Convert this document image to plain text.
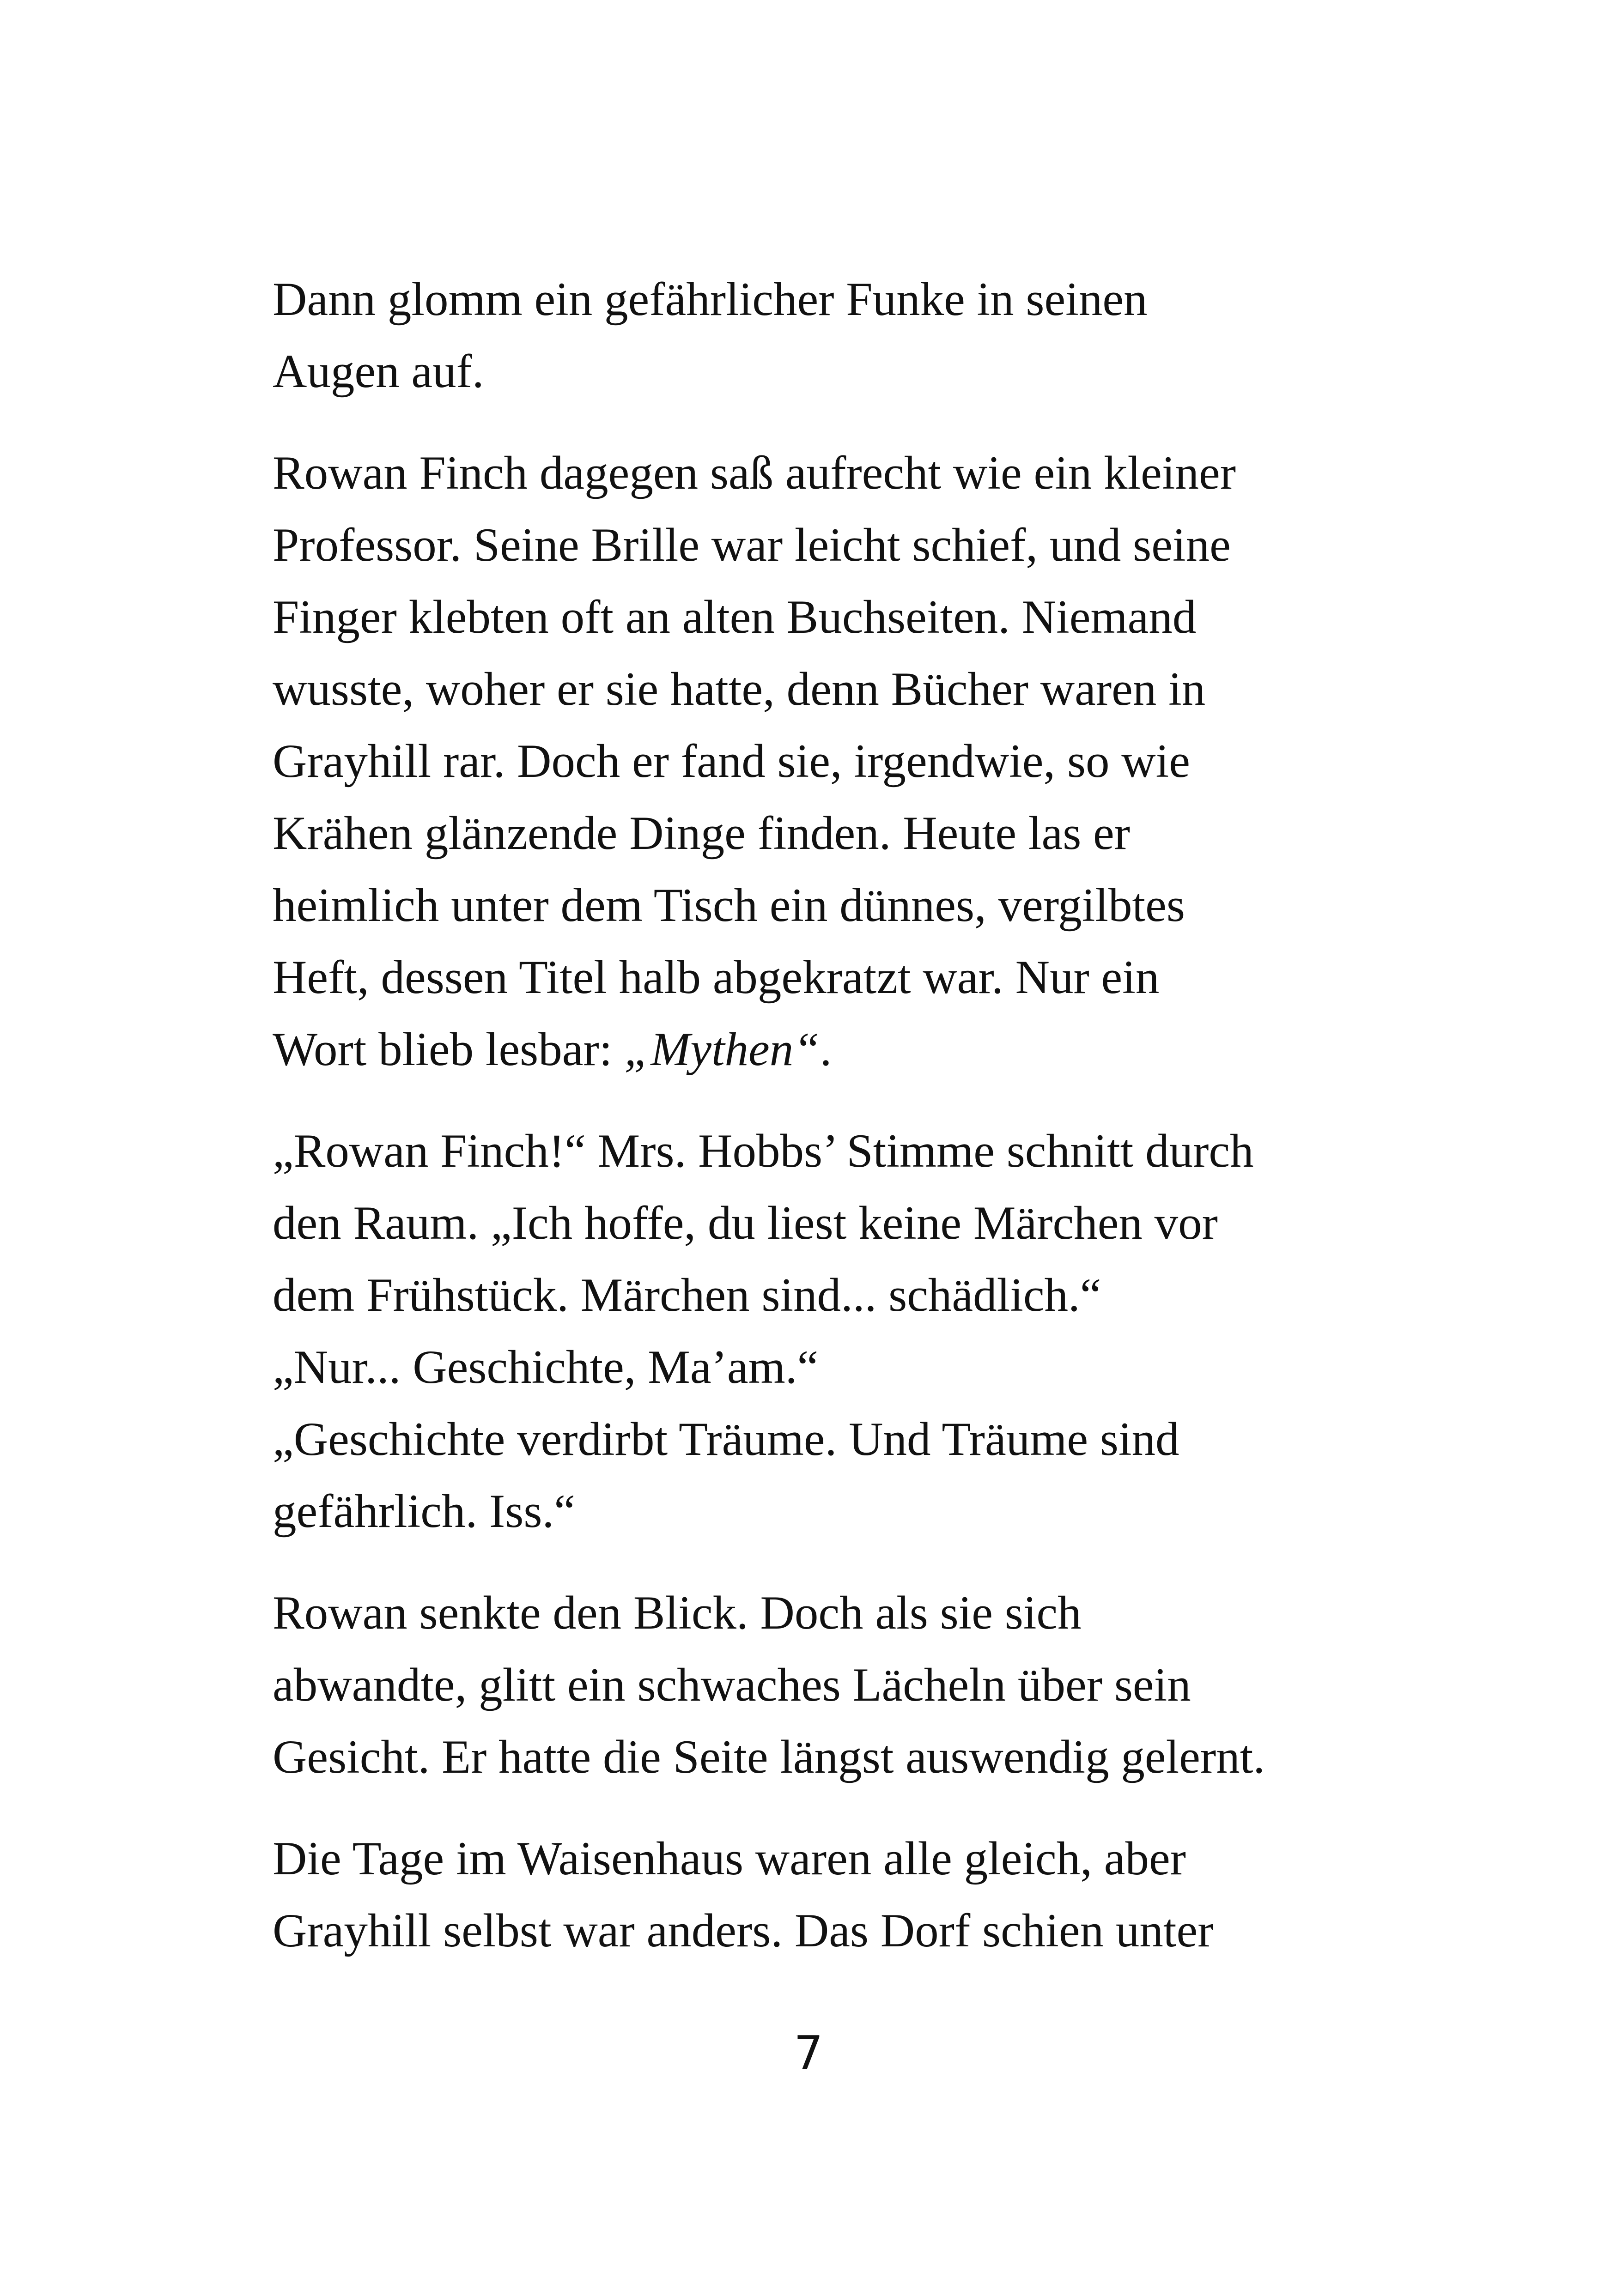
Dann glomm ein gefährlicher Funke in seinen
Augen auf.
Rowan Finch dagegen saß aufrecht wie ein kleiner
Professor. Seine Brille war leicht schief, und seine
Finger klebten oft an alten Buchseiten. Niemand
wusste, woher er sie hatte, denn Bücher waren in
Grayhill rar. Doch er fand sie, irgendwie, so wie
Krähen glänzende Dinge finden. Heute las er
heimlich unter dem Tisch ein dünnes, vergilbtes
Heft, dessen Titel halb abgekratzt war. Nur ein
Wort blieb lesbar: „Mythen“.
„Rowan Finch!“ Mrs. Hobbs’ Stimme schnitt durch
den Raum. „Ich hoffe, du liest keine Märchen vor
dem Frühstück. Märchen sind... schädlich.“
„Nur... Geschichte, Ma’am.“
„Geschichte verdirbt Träume. Und Träume sind
gefährlich. Iss.“
Rowan senkte den Blick. Doch als sie sich
abwandte, glitt ein schwaches Lächeln über sein
Gesicht. Er hatte die Seite längst auswendig gelernt.
Die Tage im Waisenhaus waren alle gleich, aber
Grayhill selbst war anders. Das Dorf schien unter
7
